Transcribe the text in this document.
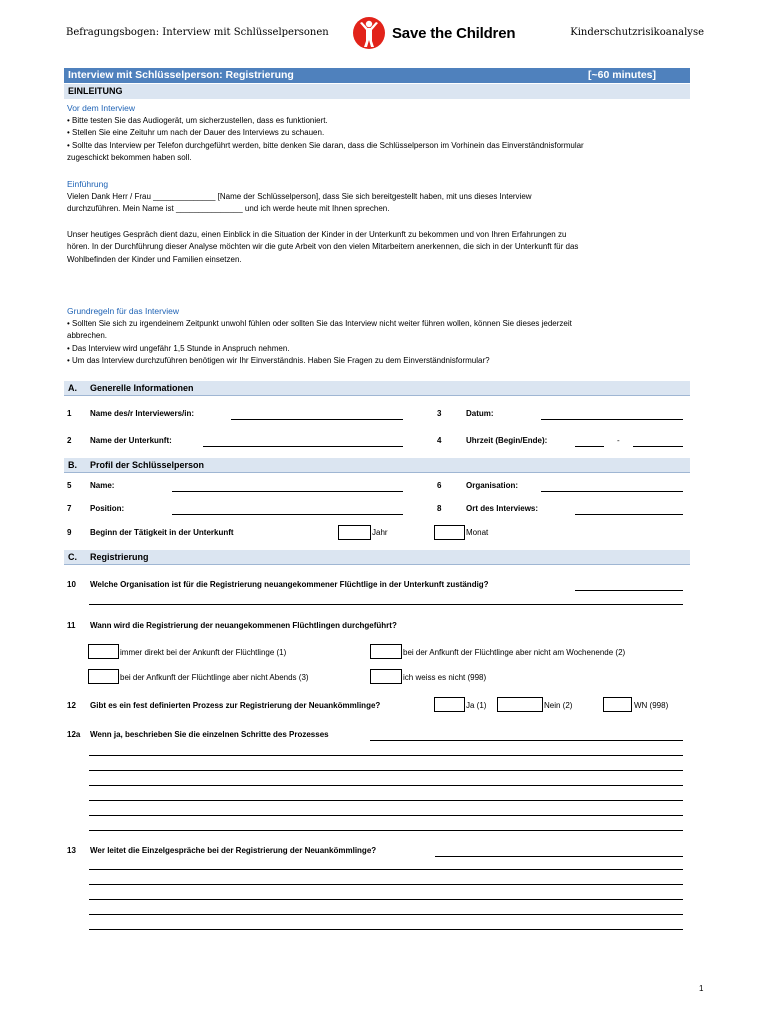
Befragungsbogen: Interview mit Schlüsselpersonen	Save the Children	Kinderschutzrisikoanalyse
Interview mit Schlüsselperson: Registrierung	[~60 minutes]
EINLEITUNG
Vor dem Interview
• Bitte testen Sie das Audiogerät, um sicherzustellen, dass es funktioniert.
• Stellen Sie eine Zeituhr um nach der Dauer des Interviews zu schauen.
• Sollte das Interview per Telefon durchgeführt werden, bitte denken Sie daran, dass die Schlüsselperson im Vorhinein das Einverständnisformular
zugeschickt bekommen haben soll.
Einführung
Vielen Dank Herr / Frau ______________ [Name der Schlüsselperson], dass Sie sich bereitgestellt haben, mit uns dieses Interview
durchzuführen. Mein Name ist _______________ und ich werde heute mit Ihnen sprechen.
Unser heutiges Gespräch dient dazu, einen Einblick in die Situation der Kinder in der Unterkunft zu bekommen und von Ihren Erfahrungen zu
hören. In der Durchführung dieser Analyse möchten wir die gute Arbeit von den vielen Mitarbeitern anerkennen, die sich in der Unterkunft für das
Wohlbefinden der Kinder und Familien einsetzen.
Grundregeln für das Interview
• Sollten Sie sich zu irgendeinem Zeitpunkt unwohl fühlen oder sollten Sie das Interview nicht weiter führen wollen, können Sie dieses jederzeit
abbrechen.
• Das Interview wird ungefähr 1,5 Stunde in Anspruch nehmen.
• Um das Interview durchzuführen benötigen wir Ihr Einverständnis. Haben Sie Fragen zu dem Einverständnisformular?
A. Generelle Informationen
1 Name des/r Interviewers/in:	3	Datum:
2 Name der Unterkunft:	4	Uhrzeit (Begin/Ende):	-
B. Profil der Schlüsselperson
5 Name:	6	Organisation:
7 Position:	8	Ort des Interviews:
9 Beginn der Tätigkeit in der Unterkunft	Jahr	Monat
C. Registrierung
10 Welche Organisation ist für die Registrierung neuangekommener Flüchtlige in der Unterkunft zuständig?
11 Wann wird die Registrierung der neuangekommenen Flüchtlingen durchgeführt?
immer direkt bei der Ankunft der Flüchtlinge (1)	bei der Anfkunft der Flüchtlinge aber nicht am Wochenende (2)
bei der Anfkunft der Flüchtlinge aber nicht Abends (3)	ich weiss es nicht (998)
12 Gibt es ein fest definierten Prozess zur Registrierung der Neuankömmlinge?	Ja (1)	Nein (2)	WN (998)
12a Wenn ja, beschrieben Sie die einzelnen Schritte des Prozesses
13 Wer leitet die Einzelgespräche bei der Registrierung der Neuankömmlinge?
1
